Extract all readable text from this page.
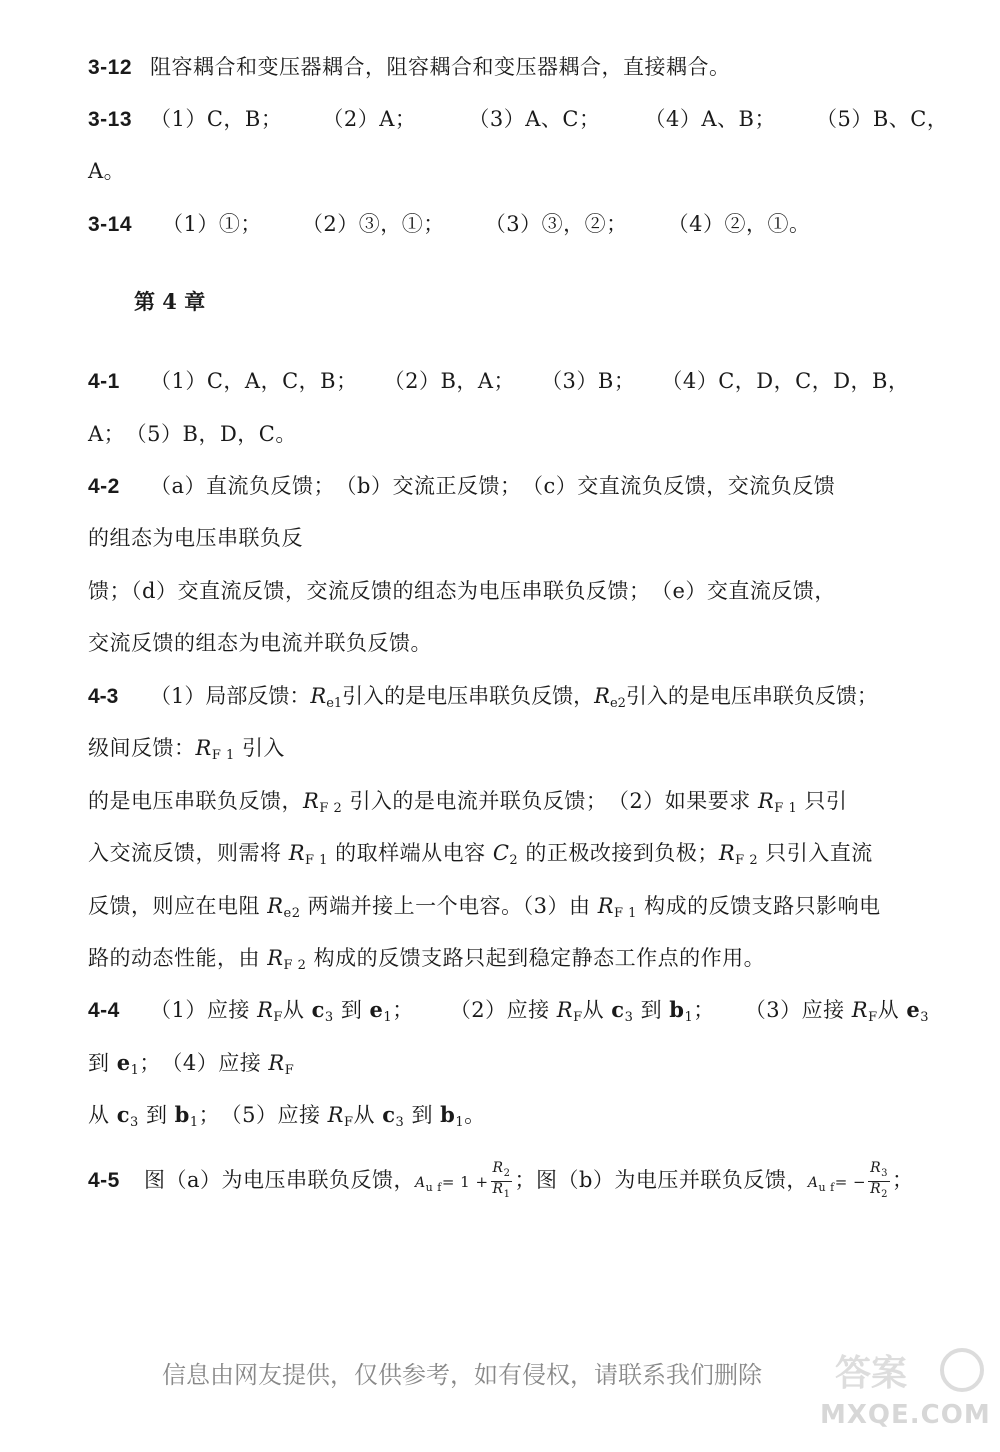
3-12 阻容耦合和变压器耦合，阻容耦合和变压器耦合，直接耦合。
3-13 （1）C，B； （2）A； （3）A、C； （4）A、B； （5）B、C，
A。
3-14 （1）①； （2）③，①； （3）③，②； （4）②，①。
第 4 章
4-1 （1）C，A，C，B； （2）B，A； （3）B； （4）C，D，C，D，B，
A；　（5）B，D，C。
4-2 （a）直流负反馈；　（b）交流正反馈；　（c）交直流负反馈，交流负反馈
的组态为电压串联负反
馈；（d）交直流反馈，交流反馈的组态为电压串联负反馈；　（e）交直流反馈，
交流反馈的组态为电流并联负反馈。
4-3 （1）局部反馈：$R_{e1}$引入的是电压串联负反馈，$R_{e2}$引入的是电压串联负反馈；
级间反馈：$R_{F 1}$ 引入
的是电压串联负反馈，$R_{F 2}$ 引入的是电流并联负反馈；　（2）如果要求 $R_{F 1}$ 只引
入交流反馈，则需将 $R_{F 1}$ 的取样端从电容 $C_2$ 的正极改接到负极；$R_{F 2}$ 只引入直流
反馈，则应在电阻 $R_{e2}$ 两端并接上一个电容。（3）由 $R_{F 1}$ 构成的反馈支路只影响电
路的动态性能，由 $R_{F 2}$ 构成的反馈支路只起到稳定静态工作点的作用。
4-4 （1）应接 $R_F$从 $c_3$ 到 $e_1$； （2）应接 $R_F$从 $c_3$ 到 $b_1$； （3）应接 $R_F$从 $e_3$
到 $e_1$；　（4）应接 $R_F$
从 $c_3$ 到 $b_1$；　（5）应接 $R_F$从 $c_3$ 到 $b_1$。
4-5 图（a）为电压串联负反馈，$A_{u f}= 1 + \frac{R_2}{R_1}$ ；图（b）为电压并联负反馈，$A_{u f}= - \frac{R_3}{R_2}$ ；
信息由网友提供，仅供参考，如有侵权，请联系我们删除 答案
MXQE.COM
